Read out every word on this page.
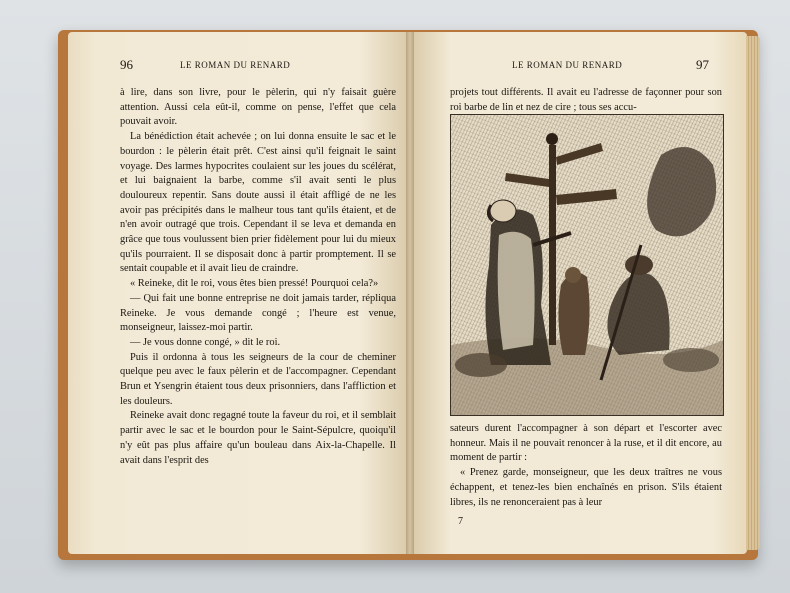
96	LE ROMAN DU RENARD

à lire, dans son livre, pour le pèlerin, qui n'y faisait guère attention. Aussi cela eût-il, comme on pense, l'effet que cela pouvait avoir.

La bénédiction était achevée ; on lui donna ensuite le sac et le bourdon : le pèlerin était prêt. C'est ainsi qu'il feignait le saint voyage. Des larmes hypocrites coulaient sur les joues du scélérat, et lui baignaient la barbe, comme s'il avait senti le plus douloureux repentir. Sans doute aussi il était affligé de ne les avoir pas précipités dans le malheur tous tant qu'ils étaient, et de n'en avoir outragé que trois. Cependant il se leva et demanda en grâce que tous voulussent bien prier fidèlement pour lui du mieux qu'ils pourraient. Il se disposait donc à partir promptement. Il se sentait coupable et il avait lieu de craindre.

« Reineke, dit le roi, vous êtes bien pressé! Pourquoi cela?»

— Qui fait une bonne entreprise ne doit jamais tarder, répliqua Reineke. Je vous demande congé ; l'heure est venue, monseigneur, laissez-moi partir.

— Je vous donne congé, » dit le roi.

Puis il ordonna à tous les seigneurs de la cour de cheminer quelque peu avec le faux pèlerin et de l'accompagner. Cependant Brun et Ysengrin étaient tous deux prisonniers, dans l'affliction et les douleurs.

Reineke avait donc regagné toute la faveur du roi, et il semblait partir avec le sac et le bourdon pour le Saint-Sépulcre, quoiqu'il n'y eût pas plus affaire qu'un bouleau dans Aix-la-Chapelle. Il avait dans l'esprit des

LE ROMAN DU RENARD	97

projets tout différents. Il avait eu l'adresse de façonner pour son roi barbe de lin et nez de cire ; tous ses accu-

sateurs durent l'accompagner à son départ et l'escorter avec honneur. Mais il ne pouvait renoncer à la ruse, et il dit encore, au moment de partir :

« Prenez garde, monseigneur, que les deux traîtres ne vous échappent, et tenez-les bien enchaînés en prison. S'ils étaient libres, ils ne renonceraient pas à leur

7
